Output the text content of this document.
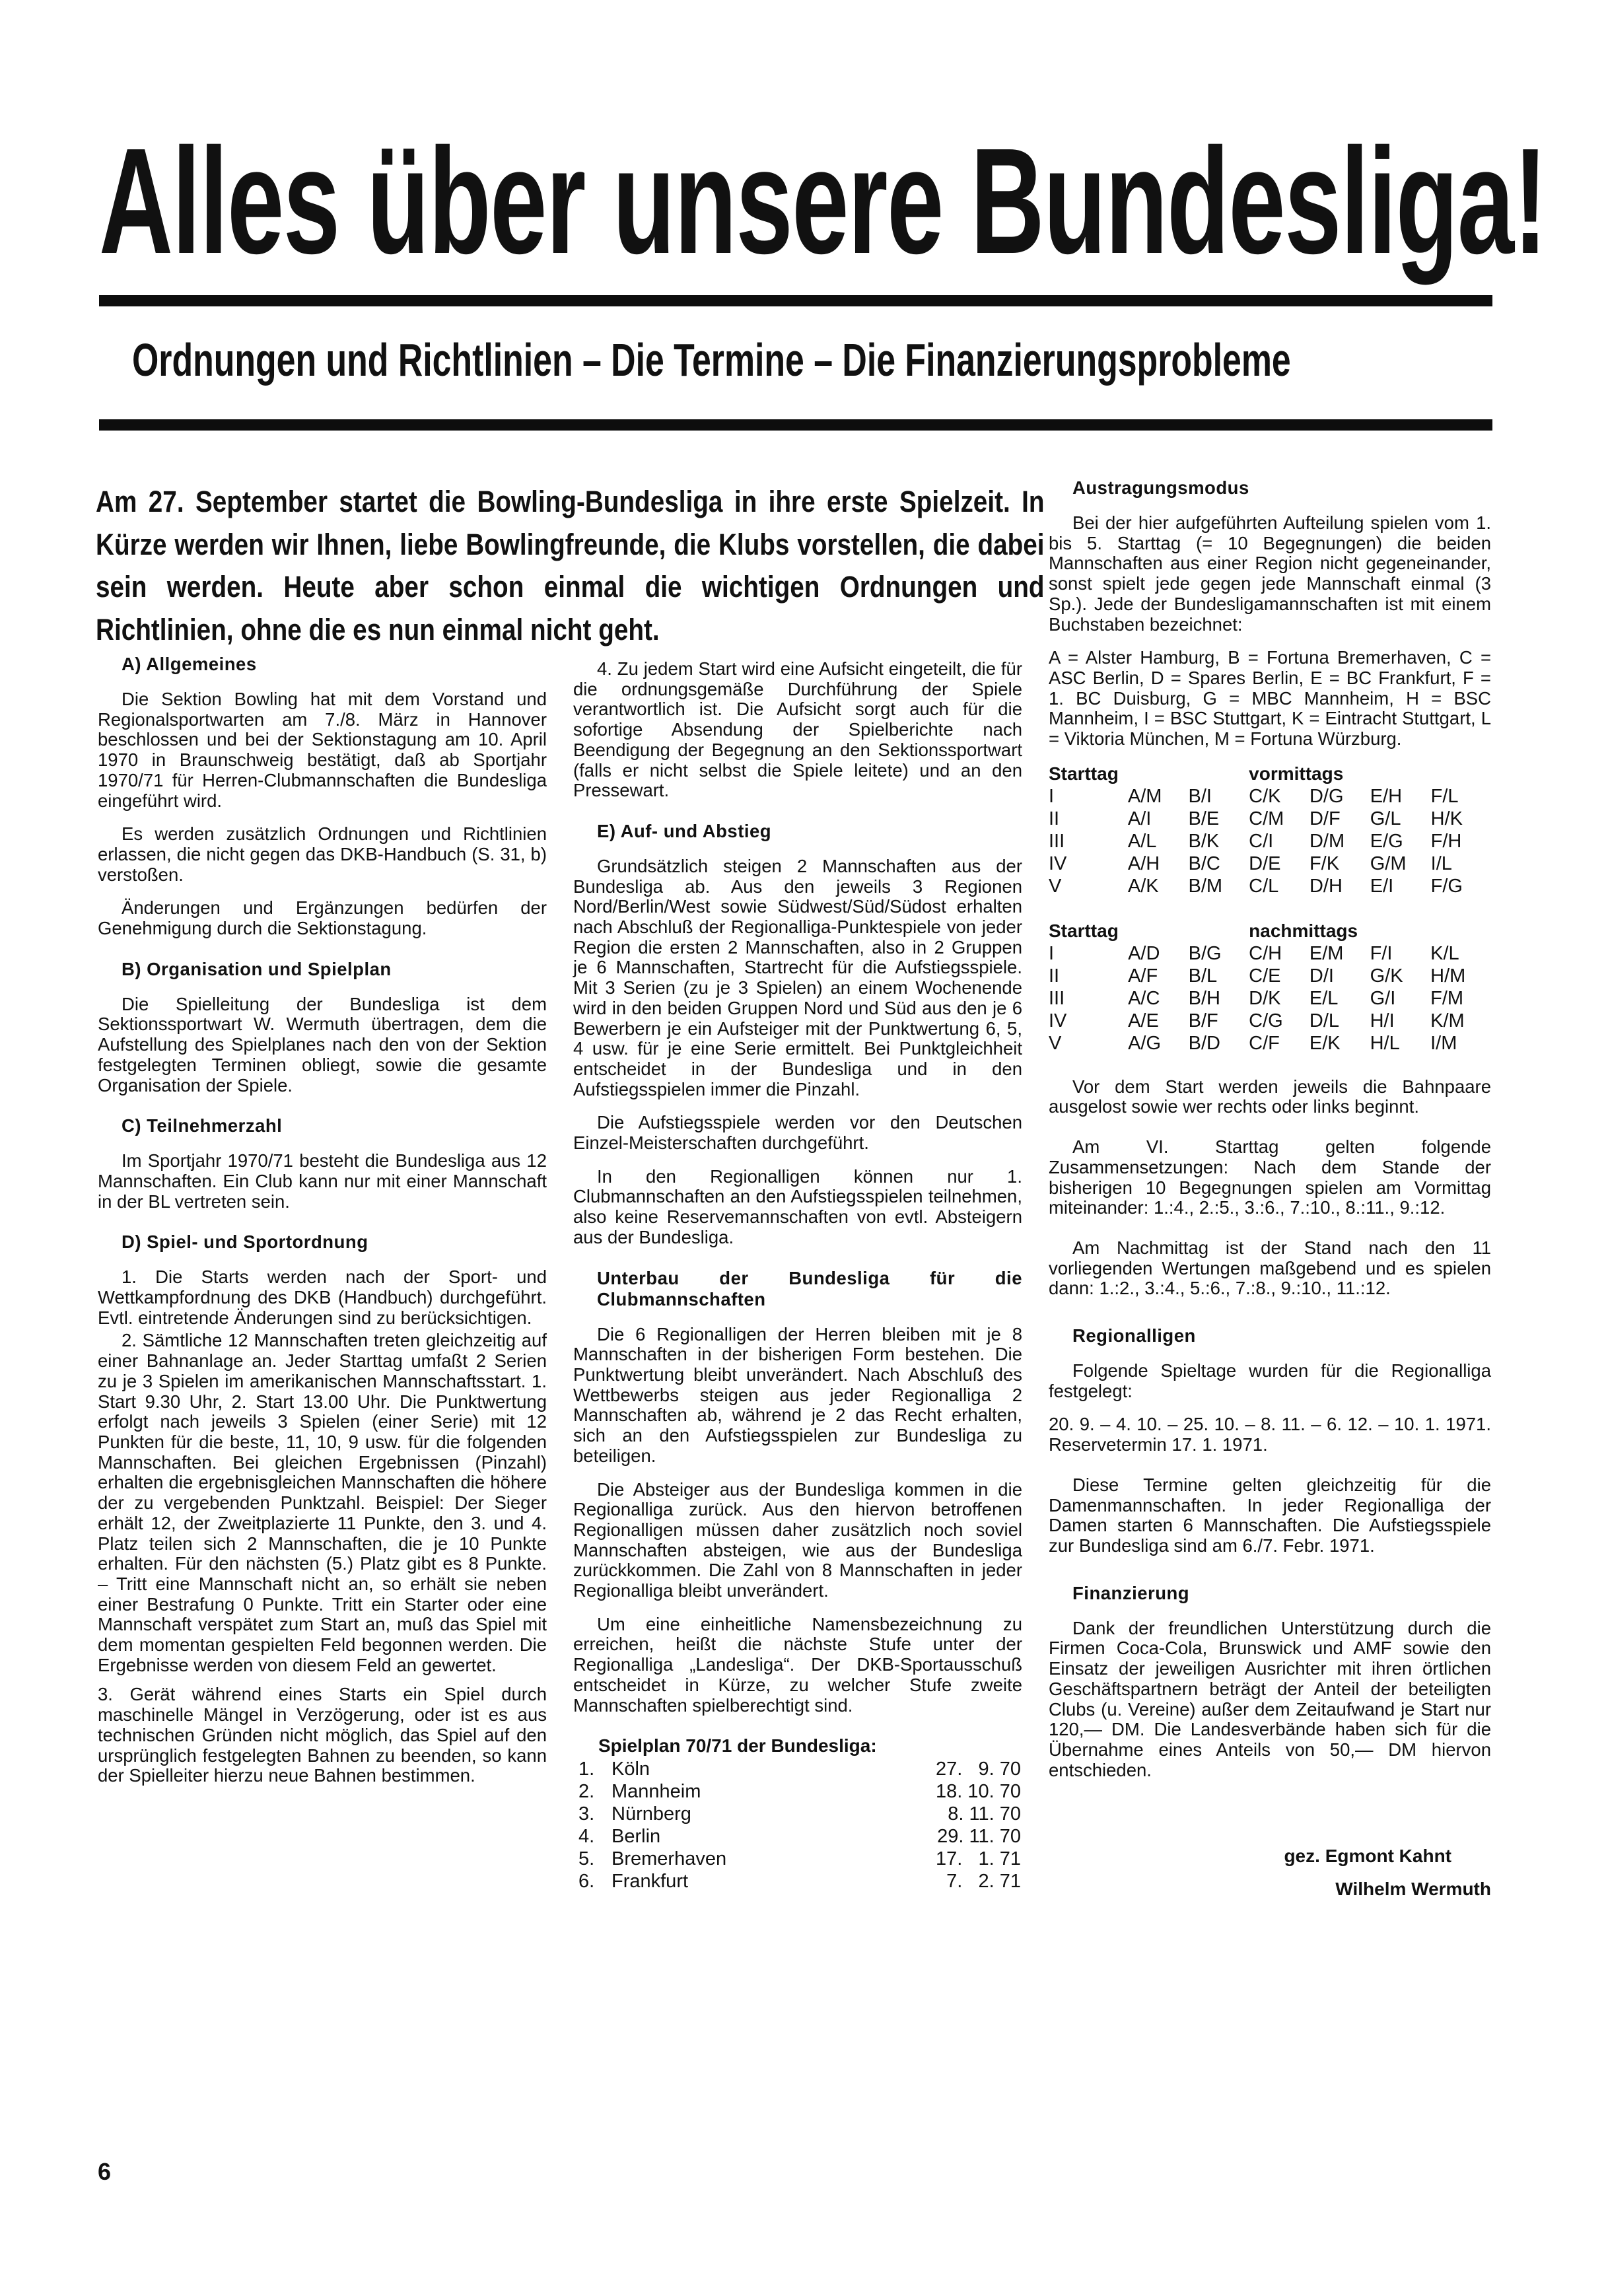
Alles über unsere Bundesliga!
Ordnungen und Richtlinien – Die Termine – Die Finanzierungsprobleme

Am 27. September startet die Bowling-Bundesliga in ihre erste Spielzeit. In Kürze werden wir Ihnen, liebe Bowlingfreunde, die Klubs vorstellen, die dabei sein werden. Heute aber schon einmal die wichtigen Ordnungen und Richtlinien, ohne die es nun einmal nicht geht.

A) Allgemeines

Die Sektion Bowling hat mit dem Vorstand und Regionalsportwarten am 7./8. März in Hannover beschlossen und bei der Sektionstagung am 10. April 1970 in Braunschweig bestätigt, daß ab Sportjahr 1970/71 für Herren-Clubmannschaften die Bundesliga eingeführt wird.

Es werden zusätzlich Ordnungen und Richtlinien erlassen, die nicht gegen das DKB-Handbuch (S. 31, b) verstoßen.

Änderungen und Ergänzungen bedürfen der Genehmigung durch die Sektionstagung.

B) Organisation und Spielplan

Die Spielleitung der Bundesliga ist dem Sektionssportwart W. Wermuth übertragen, dem die Aufstellung des Spielplanes nach den von der Sektion festgelegten Terminen obliegt, sowie die gesamte Organisation der Spiele.

C) Teilnehmerzahl

Im Sportjahr 1970/71 besteht die Bundesliga aus 12 Mannschaften. Ein Club kann nur mit einer Mannschaft in der BL vertreten sein.

D) Spiel- und Sportordnung

1. Die Starts werden nach der Sport- und Wettkampfordnung des DKB (Handbuch) durchgeführt. Evtl. eintretende Änderungen sind zu berücksichtigen.

2. Sämtliche 12 Mannschaften treten gleichzeitig auf einer Bahnanlage an. Jeder Starttag umfaßt 2 Serien zu je 3 Spielen im amerikanischen Mannschaftsstart. 1. Start 9.30 Uhr, 2. Start 13.00 Uhr. Die Punktwertung erfolgt nach jeweils 3 Spielen (einer Serie) mit 12 Punkten für die beste, 11, 10, 9 usw. für die folgenden Mannschaften. Bei gleichen Ergebnissen (Pinzahl) erhalten die ergebnisgleichen Mannschaften die höhere der zu vergebenden Punktzahl. Beispiel: Der Sieger erhält 12, der Zweitplazierte 11 Punkte, den 3. und 4. Platz teilen sich 2 Mannschaften, die je 10 Punkte erhalten. Für den nächsten (5.) Platz gibt es 8 Punkte. – Tritt eine Mannschaft nicht an, so erhält sie neben einer Bestrafung 0 Punkte. Tritt ein Starter oder eine Mannschaft verspätet zum Start an, muß das Spiel mit dem momentan gespielten Feld begonnen werden. Die Ergebnisse werden von diesem Feld an gewertet.

3. Gerät während eines Starts ein Spiel durch maschinelle Mängel in Verzögerung, oder ist es aus technischen Gründen nicht möglich, das Spiel auf den ursprünglich festgelegten Bahnen zu beenden, so kann der Spielleiter hierzu neue Bahnen bestimmen.

4. Zu jedem Start wird eine Aufsicht eingeteilt, die für die ordnungsgemäße Durchführung der Spiele verantwortlich ist. Die Aufsicht sorgt auch für die sofortige Absendung der Spielberichte nach Beendigung der Begegnung an den Sektionssportwart (falls er nicht selbst die Spiele leitete) und an den Pressewart.

E) Auf- und Abstieg

Grundsätzlich steigen 2 Mannschaften aus der Bundesliga ab. Aus den jeweils 3 Regionen Nord/Berlin/West sowie Südwest/Süd/Südost erhalten nach Abschluß der Regionalliga-Punktespiele von jeder Region die ersten 2 Mannschaften, also in 2 Gruppen je 6 Mannschaften, Startrecht für die Aufstiegsspiele. Mit 3 Serien (zu je 3 Spielen) an einem Wochenende wird in den beiden Gruppen Nord und Süd aus den je 6 Bewerbern je ein Aufsteiger mit der Punktwertung 6, 5, 4 usw. für je eine Serie ermittelt. Bei Punktgleichheit entscheidet in der Bundesliga und in den Aufstiegsspielen immer die Pinzahl.

Die Aufstiegsspiele werden vor den Deutschen Einzel-Meisterschaften durchgeführt.

In den Regionalligen können nur 1. Clubmannschaften an den Aufstiegsspielen teilnehmen, also keine Reservemannschaften von evtl. Absteigern aus der Bundesliga.

Unterbau der Bundesliga für die Clubmannschaften

Die 6 Regionalligen der Herren bleiben mit je 8 Mannschaften in der bisherigen Form bestehen. Die Punktwertung bleibt unverändert. Nach Abschluß des Wettbewerbs steigen aus jeder Regionalliga 2 Mannschaften ab, während je 2 das Recht erhalten, sich an den Aufstiegsspielen zur Bundesliga zu beteiligen.

Die Absteiger aus der Bundesliga kommen in die Regionalliga zurück. Aus den hiervon betroffenen Regionalligen müssen daher zusätzlich noch soviel Mannschaften absteigen, wie aus der Bundesliga zurückkommen. Die Zahl von 8 Mannschaften in jeder Regionalliga bleibt unverändert.

Um eine einheitliche Namensbezeichnung zu erreichen, heißt die nächste Stufe unter der Regionalliga „Landesliga“. Der DKB-Sportausschuß entscheidet in Kürze, zu welcher Stufe zweite Mannschaften spielberechtigt sind.

Spielplan 70/71 der Bundesliga:
1. Köln	27.   9. 70
2. Mannheim	18. 10. 70
3. Nürnberg	8. 11. 70
4. Berlin	29. 11. 70
5. Bremerhaven	17.   1. 71
6. Frankfurt	7.   2. 71
Austragungsmodus

Bei der hier aufgeführten Aufteilung spielen vom 1. bis 5. Starttag (= 10 Begegnungen) die beiden Mannschaften aus einer Region nicht gegeneinander, sonst spielt jede gegen jede Mannschaft einmal (3 Sp.). Jede der Bundesligamannschaften ist mit einem Buchstaben bezeichnet:

A = Alster Hamburg, B = Fortuna Bremerhaven, C = ASC Berlin, D = Spares Berlin, E = BC Frankfurt, F = 1. BC Duisburg, G = MBC Mannheim, H = BSC Mannheim, I = BSC Stuttgart, K = Eintracht Stuttgart, L = Viktoria München, M = Fortuna Würzburg.

Starttag			vormittags			
I	A/M	B/I	C/K	D/G	E/H	F/L
II	A/I	B/E	C/M	D/F	G/L	H/K
III	A/L	B/K	C/I	D/M	E/G	F/H
IV	A/H	B/C	D/E	F/K	G/M	I/L
V	A/K	B/M	C/L	D/H	E/I	F/G
Starttag			nachmittags			
I	A/D	B/G	C/H	E/M	F/I	K/L
II	A/F	B/L	C/E	D/I	G/K	H/M
III	A/C	B/H	D/K	E/L	G/I	F/M
IV	A/E	B/F	C/G	D/L	H/I	K/M
V	A/G	B/D	C/F	E/K	H/L	I/M

Vor dem Start werden jeweils die Bahnpaare ausgelost sowie wer rechts oder links beginnt.

Am VI. Starttag gelten folgende Zusammensetzungen: Nach dem Stande der bisherigen 10 Begegnungen spielen am Vormittag miteinander: 1.:4., 2.:5., 3.:6., 7.:10., 8.:11., 9.:12.

Am Nachmittag ist der Stand nach den 11 vorliegenden Wertungen maßgebend und es spielen dann: 1.:2., 3.:4., 5.:6., 7.:8., 9.:10., 11.:12.

Regionalligen

Folgende Spieltage wurden für die Regionalliga festgelegt:

20. 9. – 4. 10. – 25. 10. – 8. 11. – 6. 12. – 10. 1. 1971. Reservetermin 17. 1. 1971.

Diese Termine gelten gleichzeitig für die Damenmannschaften. In jeder Regionalliga der Damen starten 6 Mannschaften. Die Aufstiegsspiele zur Bundesliga sind am 6./7. Febr. 1971.

Finanzierung

Dank der freundlichen Unterstützung durch die Firmen Coca-Cola, Brunswick und AMF sowie den Einsatz der jeweiligen Ausrichter mit ihren örtlichen Geschäftspartnern beträgt der Anteil der beteiligten Clubs (u. Vereine) außer dem Zeitaufwand je Start nur 120,— DM. Die Landesverbände haben sich für die Übernahme eines Anteils von 50,— DM hiervon entschieden.

gez. Egmont Kahnt
Wilhelm Wermuth
6
